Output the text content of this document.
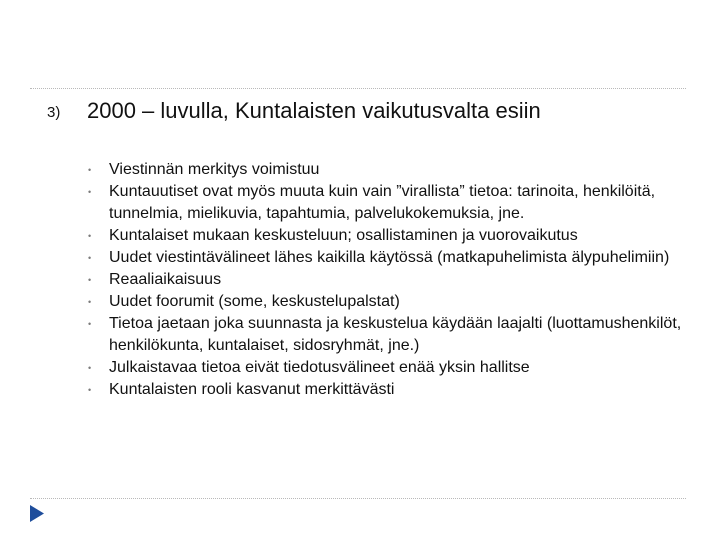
3) 2000 – luvulla, Kuntalaisten vaikutusvalta esiin
• Viestinnän merkitys voimistuu
• Kuntauutiset ovat myös muuta kuin vain ”virallista” tietoa: tarinoita, henkilöitä, tunnelmia, mielikuvia, tapahtumia, palvelukokemuksia, jne.
• Kuntalaiset mukaan keskusteluun; osallistaminen ja vuorovaikutus
• Uudet viestintävälineet lähes kaikilla käytössä (matkapuhelimista älypuhelimiin)
• Reaaliaikaisuus
• Uudet foorumit (some, keskustelupalstat)
• Tietoa jaetaan joka suunnasta ja keskustelua käydään laajalti (luottamushenkilöt, henkilökunta, kuntalaiset, sidosryhmät, jne.)
• Julkaistavaa tietoa eivät tiedotusvälineet enää yksin hallitse
• Kuntalaisten rooli kasvanut merkittävästi
